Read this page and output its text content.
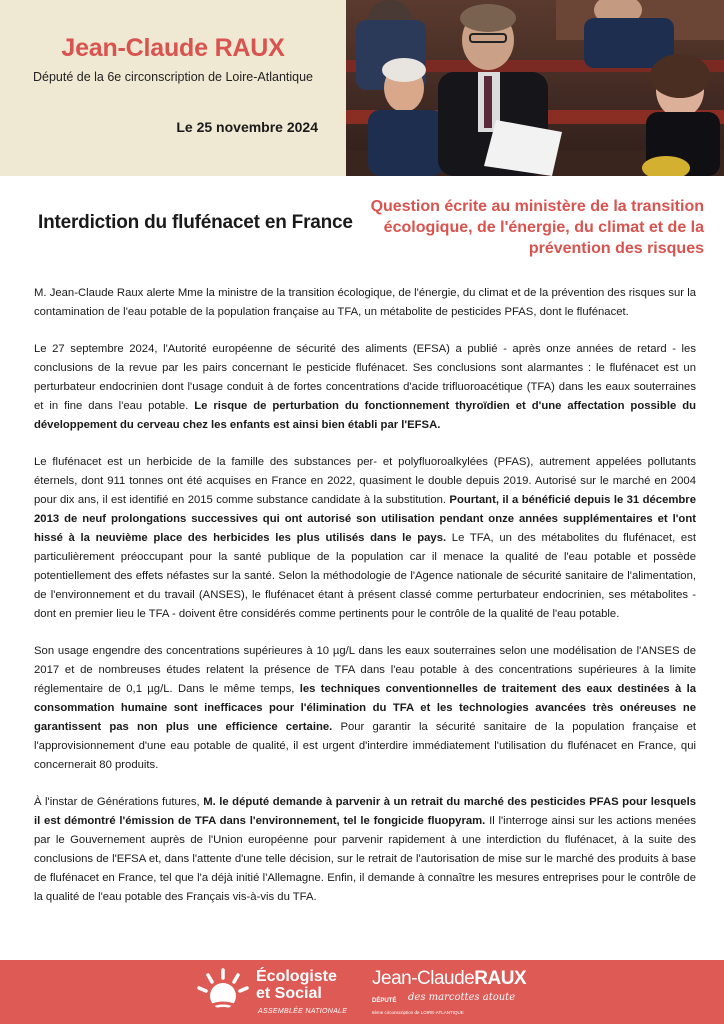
Jean-Claude RAUX
Député de la 6e circonscription de Loire-Atlantique
Le 25 novembre 2024
Interdiction du flufénacet en France
Question écrite au ministère de la transition écologique, de l'énergie, du climat et de la prévention des risques

M. Jean-Claude Raux alerte Mme la ministre de la transition écologique, de l'énergie, du climat et de la prévention des risques sur la contamination de l'eau potable de la population française au TFA, un métabolite de pesticides PFAS, dont le flufénacet.

Le 27 septembre 2024, l'Autorité européenne de sécurité des aliments (EFSA) a publié - après onze années de retard - les conclusions de la revue par les pairs concernant le pesticide flufénacet. Ses conclusions sont alarmantes : le flufénacet est un perturbateur endocrinien dont l'usage conduit à de fortes concentrations d'acide trifluoroacétique (TFA) dans les eaux souterraines et in fine dans l'eau potable. Le risque de perturbation du fonctionnement thyroïdien et d'une affectation possible du développement du cerveau chez les enfants est ainsi bien établi par l'EFSA.

Le flufénacet est un herbicide de la famille des substances per- et polyfluoroalkylées (PFAS), autrement appelées pollutants éternels, dont 911 tonnes ont été acquises en France en 2022, quasiment le double depuis 2019. Autorisé sur le marché en 2004 pour dix ans, il est identifié en 2015 comme substance candidate à la substitution. Pourtant, il a bénéficié depuis le 31 décembre 2013 de neuf prolongations successives qui ont autorisé son utilisation pendant onze années supplémentaires et l'ont hissé à la neuvième place des herbicides les plus utilisés dans le pays. Le TFA, un des métabolites du flufénacet, est particulièrement préoccupant pour la santé publique de la population car il menace la qualité de l'eau potable et possède potentiellement des effets néfastes sur la santé. Selon la méthodologie de l'Agence nationale de sécurité sanitaire de l'alimentation, de l'environnement et du travail (ANSES), le flufénacet étant à présent classé comme perturbateur endocrinien, ses métabolites - dont en premier lieu le TFA - doivent être considérés comme pertinents pour le contrôle de la qualité de l'eau potable.

Son usage engendre des concentrations supérieures à 10 µg/L dans les eaux souterraines selon une modélisation de l'ANSES de 2017 et de nombreuses études relatent la présence de TFA dans l'eau potable à des concentrations supérieures à la limite réglementaire de 0,1 µg/L. Dans le même temps, les techniques conventionnelles de traitement des eaux destinées à la consommation humaine sont inefficaces pour l'élimination du TFA et les technologies avancées très onéreuses ne garantissent pas non plus une efficience certaine. Pour garantir la sécurité sanitaire de la population française et l'approvisionnement d'une eau potable de qualité, il est urgent d'interdire immédiatement l'utilisation du flufénacet en France, qui concernerait 80 produits.

À l'instar de Générations futures, M. le député demande à parvenir à un retrait du marché des pesticides PFAS pour lesquels il est démontré l'émission de TFA dans l'environnement, tel le fongicide fluopyram. Il l'interroge ainsi sur les actions menées par le Gouvernement auprès de l'Union européenne pour parvenir rapidement à une interdiction du flufénacet, à la suite des conclusions de l'EFSA et, dans l'attente d'une telle décision, sur le retrait de l'autorisation de mise sur le marché des produits à base de flufénacet en France, tel que l'a déjà initié l'Allemagne. Enfin, il demande à connaître les mesures entreprises pour le contrôle de la qualité de l'eau potable des Français vis-à-vis du TFA.

Écologiste
et Social
ASSEMBLÉE NATIONALE
Jean-ClaudeRAUX
DÉPUTÉ des marcottes atoute
6ème circonscription de LOIRE-ATLANTIQUE
